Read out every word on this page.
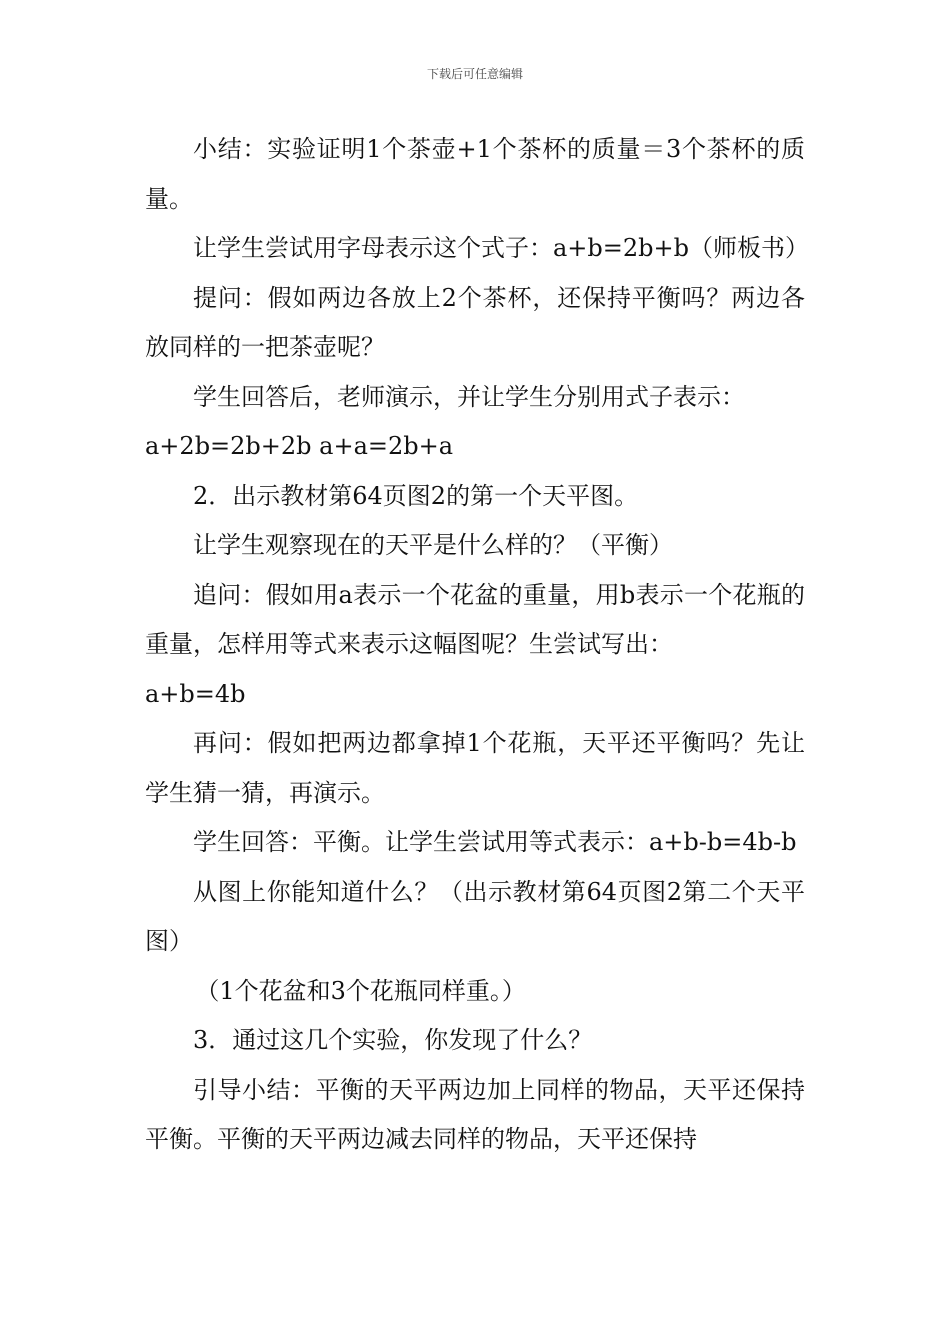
下载后可任意编辑

小结：实验证明1个茶壶+1个茶杯的质量＝3个茶杯的质量。

让学生尝试用字母表示这个式子：a+b=2b+b（师板书）

提问：假如两边各放上2个茶杯，还保持平衡吗？两边各放同样的一把茶壶呢？

学生回答后，老师演示，并让学生分别用式子表示：

a+2b=2b+2b a+a=2b+a

2．出示教材第64页图2的第一个天平图。

让学生观察现在的天平是什么样的？（平衡）

追问：假如用a表示一个花盆的重量，用b表示一个花瓶的重量，怎样用等式来表示这幅图呢？生尝试写出：

a+b=4b

再问：假如把两边都拿掉1个花瓶，天平还平衡吗？先让学生猜一猜，再演示。

学生回答：平衡。让学生尝试用等式表示：a+b-b=4b-b

从图上你能知道什么？（出示教材第64页图2第二个天平图）

（1个花盆和3个花瓶同样重。）

3．通过这几个实验，你发现了什么？

引导小结：平衡的天平两边加上同样的物品，天平还保持平衡。平衡的天平两边减去同样的物品，天平还保持
